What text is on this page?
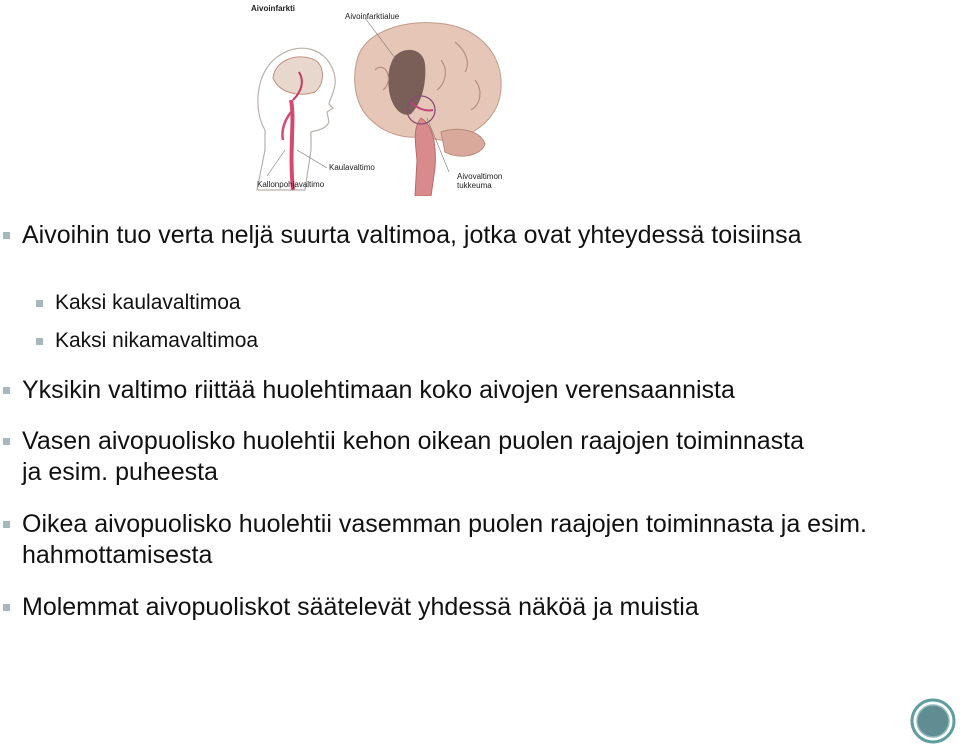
Aivoinfarkti
Aivoinfarktialue
Kaulavaltimo
Kallonpohjavaltimo
Aivovaltimon
tukkeuma
Aivoihin tuo verta neljä suurta valtimoa, jotka ovat yhteydessä toisiinsa
Kaksi kaulavaltimoa
Kaksi nikamavaltimoa
Yksikin valtimo riittää huolehtimaan koko aivojen verensaannista
Vasen aivopuolisko huolehtii kehon oikean puolen raajojen toiminnasta ja esim. puheesta
Oikea aivopuolisko huolehtii vasemman puolen raajojen toiminnasta ja esim. hahmottamisesta
Molemmat aivopuoliskot säätelevät yhdessä näköä ja muistia
